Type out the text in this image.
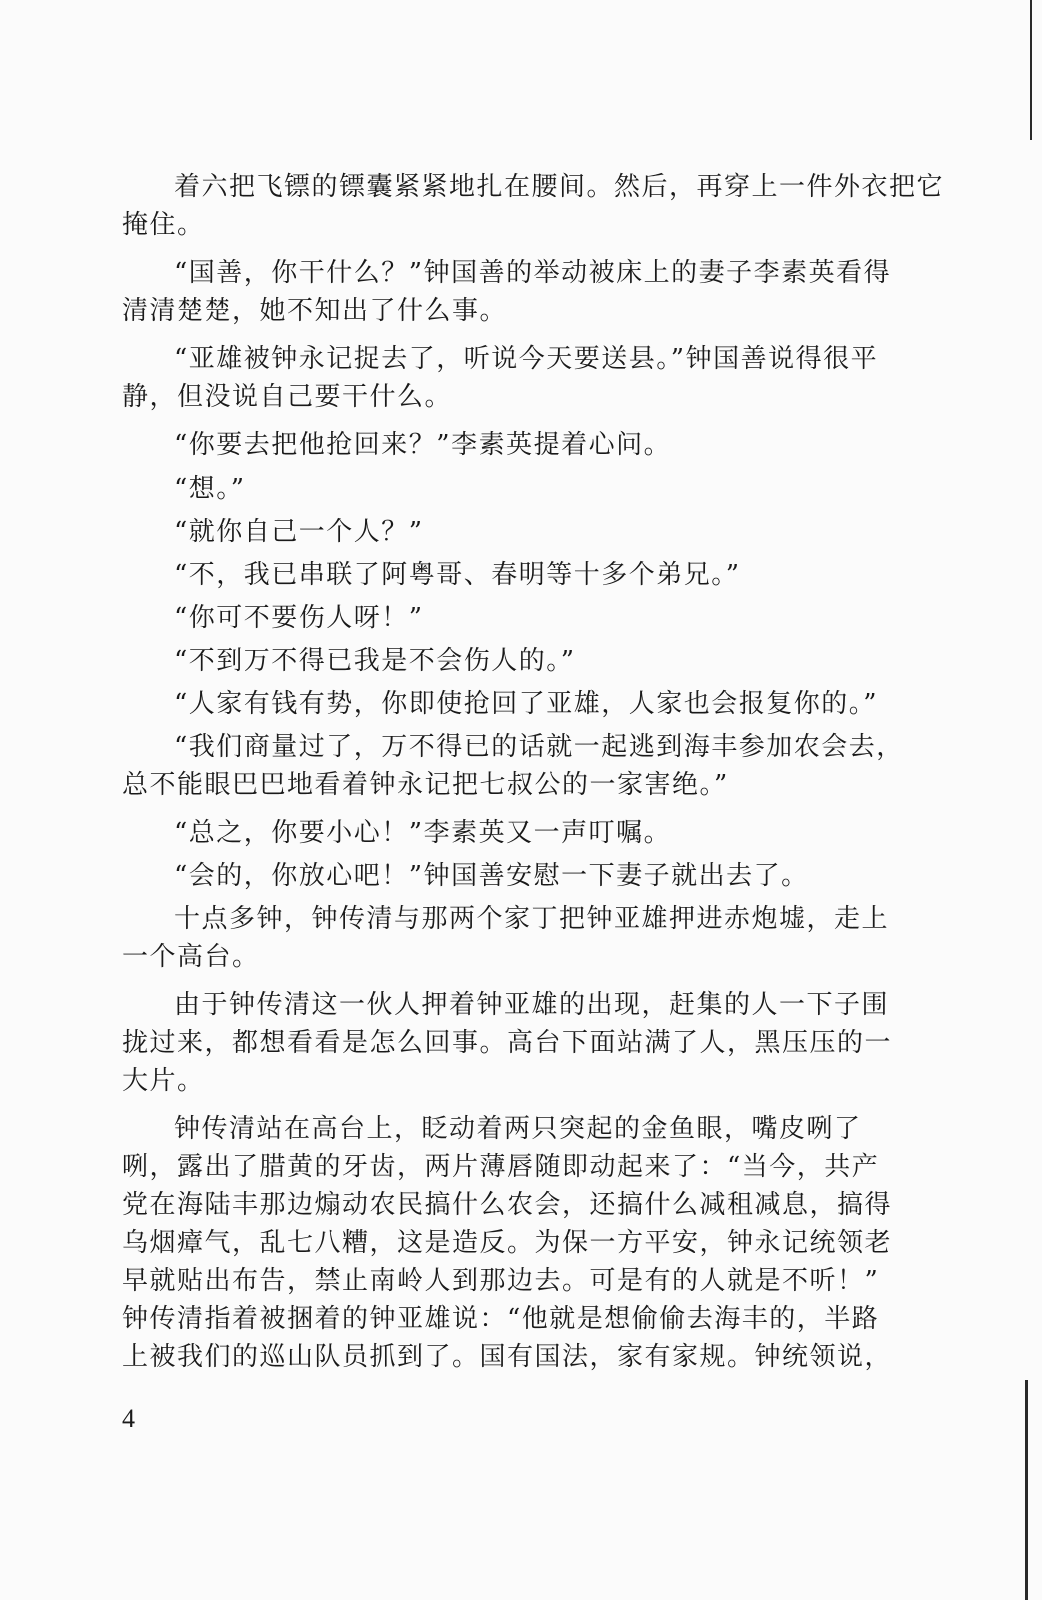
着六把飞镖的镖囊紧紧地扎在腰间。然后，再穿上一件外衣把它
掩住。
“国善，你干什么？”钟国善的举动被床上的妻子李素英看得
清清楚楚，她不知出了什么事。
“亚雄被钟永记捉去了，听说今天要送县。”钟国善说得很平
静，但没说自己要干什么。
“你要去把他抢回来？”李素英提着心问。
“想。”
“就你自己一个人？”
“不，我已串联了阿粤哥、春明等十多个弟兄。”
“你可不要伤人呀！”
“不到万不得已我是不会伤人的。”
“人家有钱有势，你即使抢回了亚雄，人家也会报复你的。”
“我们商量过了，万不得已的话就一起逃到海丰参加农会去，
总不能眼巴巴地看着钟永记把七叔公的一家害绝。”
“总之，你要小心！”李素英又一声叮嘱。
“会的，你放心吧！”钟国善安慰一下妻子就出去了。
十点多钟，钟传清与那两个家丁把钟亚雄押进赤炮墟，走上
一个高台。
由于钟传清这一伙人押着钟亚雄的出现，赶集的人一下子围
拢过来，都想看看是怎么回事。高台下面站满了人，黑压压的一
大片。
钟传清站在高台上，眨动着两只突起的金鱼眼，嘴皮咧了
咧，露出了腊黄的牙齿，两片薄唇随即动起来了：“当今，共产
党在海陆丰那边煽动农民搞什么农会，还搞什么减租减息，搞得
乌烟瘴气，乱七八糟，这是造反。为保一方平安，钟永记统领老
早就贴出布告，禁止南岭人到那边去。可是有的人就是不听！”
钟传清指着被捆着的钟亚雄说：“他就是想偷偷去海丰的，半路
上被我们的巡山队员抓到了。国有国法，家有家规。钟统领说，
4
